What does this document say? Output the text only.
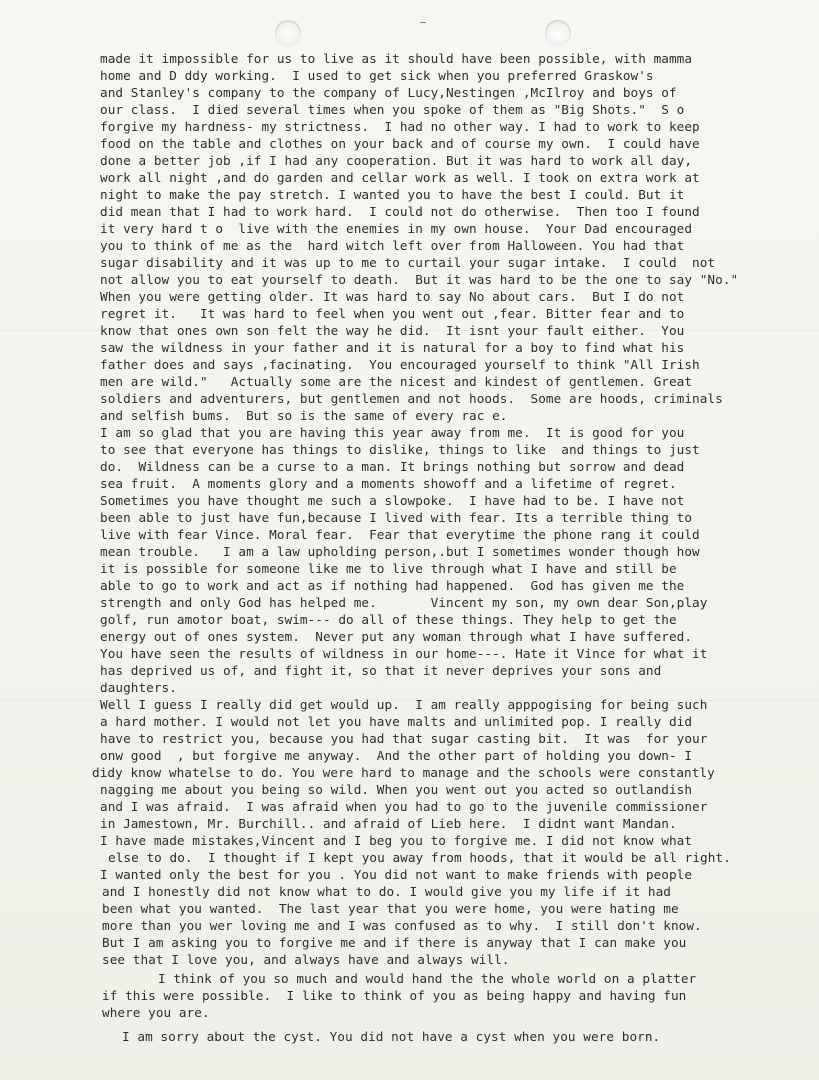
made it impossible for us to live as it should have been possible, with mamma
home and D ddy working.  I used to get sick when you preferred Graskow's
and Stanley's company to the company of Lucy,Nestingen ,McIlroy and boys of
our class.  I died several times when you spoke of them as "Big Shots."  S o
forgive my hardness- my strictness.  I had no other way. I had to work to keep
food on the table and clothes on your back and of course my own.  I could have
done a better job ,if I had any cooperation. But it was hard to work all day,
work all night ,and do garden and cellar work as well. I took on extra work at
night to make the pay stretch. I wanted you to have the best I could. But it
did mean that I had to work hard.  I could not do otherwise.  Then too I found
it very hard t o  live with the enemies in my own house.  Your Dad encouraged
you to think of me as the  hard witch left over from Halloween. You had that
sugar disability and it was up to me to curtail your sugar intake.  I could  not
not allow you to eat yourself to death.  But it was hard to be the one to say "No."
When you were getting older. It was hard to say No about cars.  But I do not
regret it.   It was hard to feel when you went out ,fear. Bitter fear and to
know that ones own son felt the way he did.  It isnt your fault either.  You
saw the wildness in your father and it is natural for a boy to find what his
father does and says ,facinating.  You encouraged yourself to think "All Irish
men are wild."   Actually some are the nicest and kindest of gentlemen. Great
soldiers and adventurers, but gentlemen and not hoods.  Some are hoods, criminals
and selfish bums.  But so is the same of every rac e.
I am so glad that you are having this year away from me.  It is good for you
to see that everyone has things to dislike, things to like  and things to just
do.  Wildness can be a curse to a man. It brings nothing but sorrow and dead
sea fruit.  A moments glory and a moments showoff and a lifetime of regret.
Sometimes you have thought me such a slowpoke.  I have had to be. I have not
been able to just have fun,because I lived with fear. Its a terrible thing to
live with fear Vince. Moral fear.  Fear that everytime the phone rang it could
mean trouble.   I am a law upholding person,.but I sometimes wonder though how
it is possible for someone like me to live through what I have and still be
able to go to work and act as if nothing had happened.  God has given me the
strength and only God has helped me.       Vincent my son, my own dear Son,play
golf, run amotor boat, swim--- do all of these things. They help to get the
energy out of ones system.  Never put any woman through what I have suffered.
You have seen the results of wildness in our home---. Hate it Vince for what it
has deprived us of, and fight it, so that it never deprives your sons and
daughters.
Well I guess I really did get would up.  I am really apppogising for being such
a hard mother. I would not let you have malts and unlimited pop. I really did
have to restrict you, because you had that sugar casting bit.  It was  for your
onw good  , but forgive me anyway.  And the other part of holding you down- I
didy know whatelse to do. You were hard to manage and the schools were constantly
nagging me about you being so wild. When you went out you acted so outlandish
and I was afraid.  I was afraid when you had to go to the juvenile commissioner
in Jamestown, Mr. Burchill.. and afraid of Lieb here.  I didnt want Mandan.
I have made mistakes,Vincent and I beg you to forgive me. I did not know what
else to do.  I thought if I kept you away from hoods, that it would be all right.
I wanted only the best for you . You did not want to make friends with people
and I honestly did not know what to do. I would give you my life if it had
been what you wanted.  The last year that you were home, you were hating me
more than you wer loving me and I was confused as to why.  I still don't know.
But I am asking you to forgive me and if there is anyway that I can make you
see that I love you, and always have and always will.
I think of you so much and would hand the the whole world on a platter
if this were possible.  I like to think of you as being happy and having fun
where you are.
I am sorry about the cyst. You did not have a cyst when you were born.
